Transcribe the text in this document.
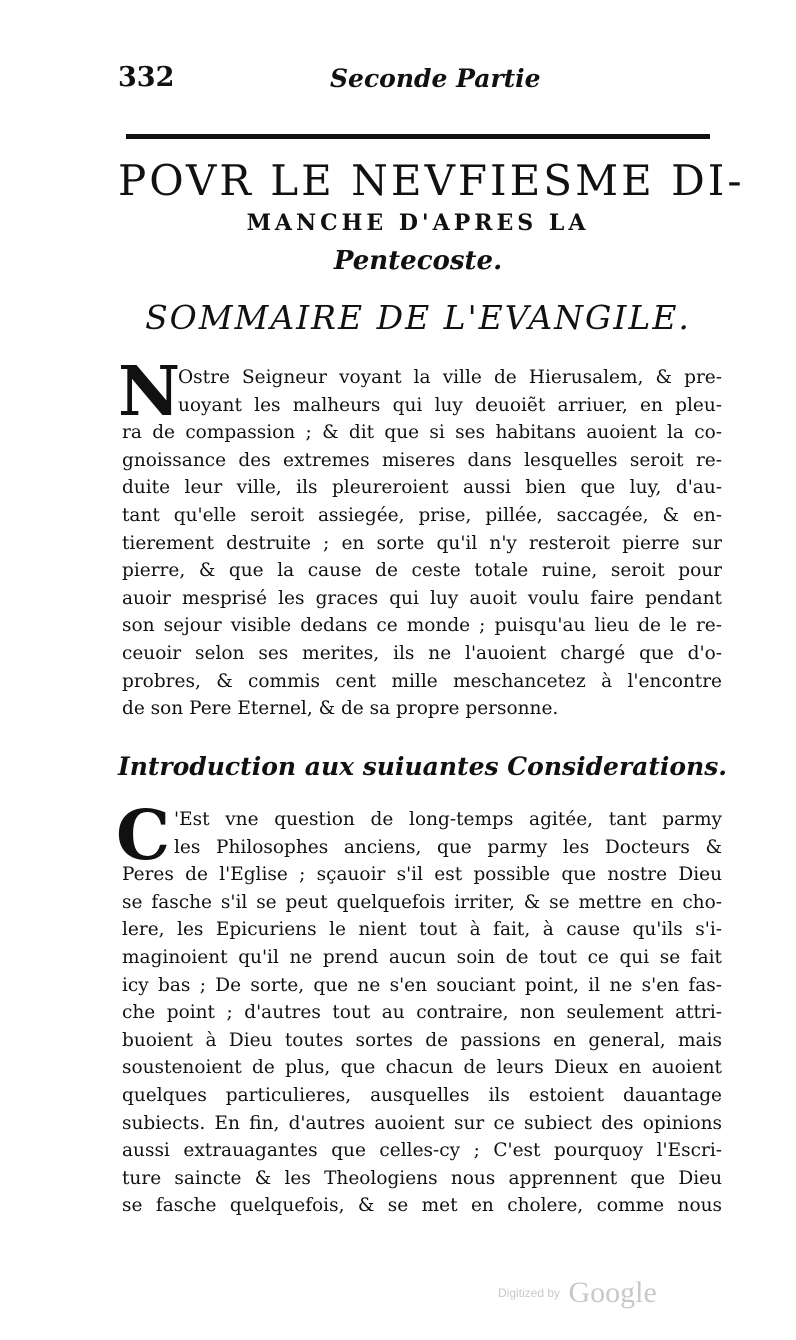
332	Seconde Partie
POVR LE NEVFIESME DI-
MANCHE D'APRES LA
Pentecoste.
SOMMAIRE DE L'EVANGILE.
N
Ostre Seigneur voyant la ville de Hierusalem, & pre-
uoyant les malheurs qui luy deuoiẽt arriuer, en pleu-
ra de compassion ; & dit que si ses habitans auoient la co-
gnoissance des extremes miseres dans lesquelles seroit re-
duite leur ville, ils pleureroient aussi bien que luy, d'au-
tant qu'elle seroit assiegée, prise, pillée, saccagée, & en-
tierement destruite ; en sorte qu'il n'y resteroit pierre sur
pierre, & que la cause de ceste totale ruine, seroit pour
auoir mesprisé les graces qui luy auoit voulu faire pendant
son sejour visible dedans ce monde ; puisqu'au lieu de le re-
ceuoir selon ses merites, ils ne l'auoient chargé que d'o-
probres, & commis cent mille meschancetez à l'encontre
de son Pere Eternel, & de sa propre personne.
Introduction aux suiuantes Considerations.
C 'Est vne question de long-temps agitée, tant parmy
les Philosophes anciens, que parmy les Docteurs &
Peres de l'Eglise ; sçauoir s'il est possible que nostre Dieu
se fasche s'il se peut quelquefois irriter, & se mettre en cho-
lere, les Epicuriens le nient tout à fait, à cause qu'ils s'i-
maginoient qu'il ne prend aucun soin de tout ce qui se fait
icy bas ; De sorte, que ne s'en souciant point, il ne s'en fas-
che point ; d'autres tout au contraire, non seulement attri-
buoient à Dieu toutes sortes de passions en general, mais
soustenoient de plus, que chacun de leurs Dieux en auoient
quelques particulieres, ausquelles ils estoient dauantage
subiects. En fin, d'autres auoient sur ce subiect des opinions
aussi extrauagantes que celles-cy ; C'est pourquoy l'Escri-
ture saincte & les Theologiens nous apprennent que Dieu
se fasche quelquefois, & se met en cholere, comme nous
Digitized by Google
